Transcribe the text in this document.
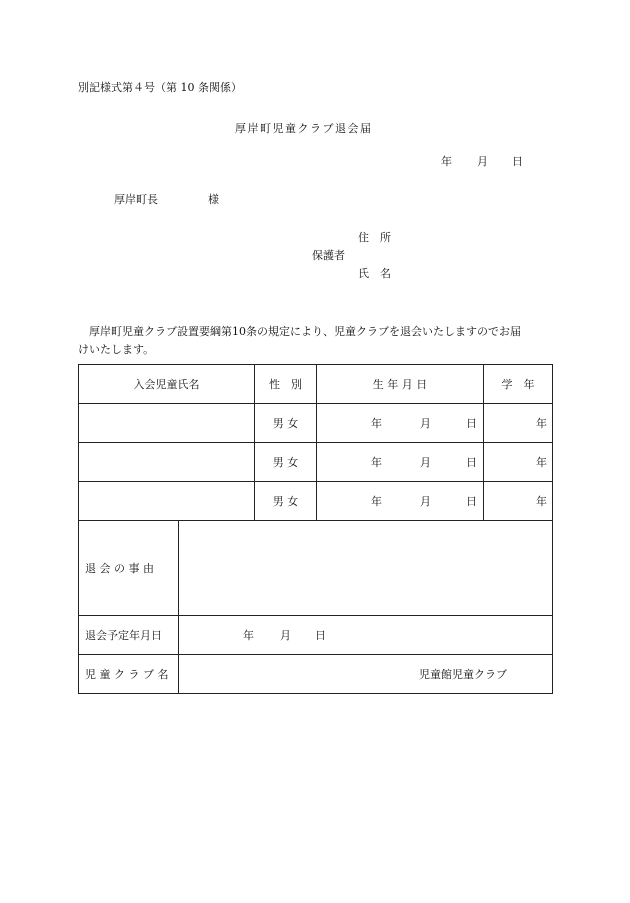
別記様式第４号（第 10 条関係）
厚岸町児童クラブ退会届
年 月 日
厚岸町長	様
住　所
保護者
氏　名
厚岸町児童クラブ設置要綱第10条の規定により、児童クラブを退会いたしますのでお届
けいたします。
入会児童氏名		性　別	生 年 月 日	学　年
		男 女	年 月 日	年
		男 女	年 月 日	年
		男 女	年 月 日	年
退 会 の 事 由				
退会予定年月日	年 月 日			

児 童 ク ラ ブ 名	児童館児童クラブ			
